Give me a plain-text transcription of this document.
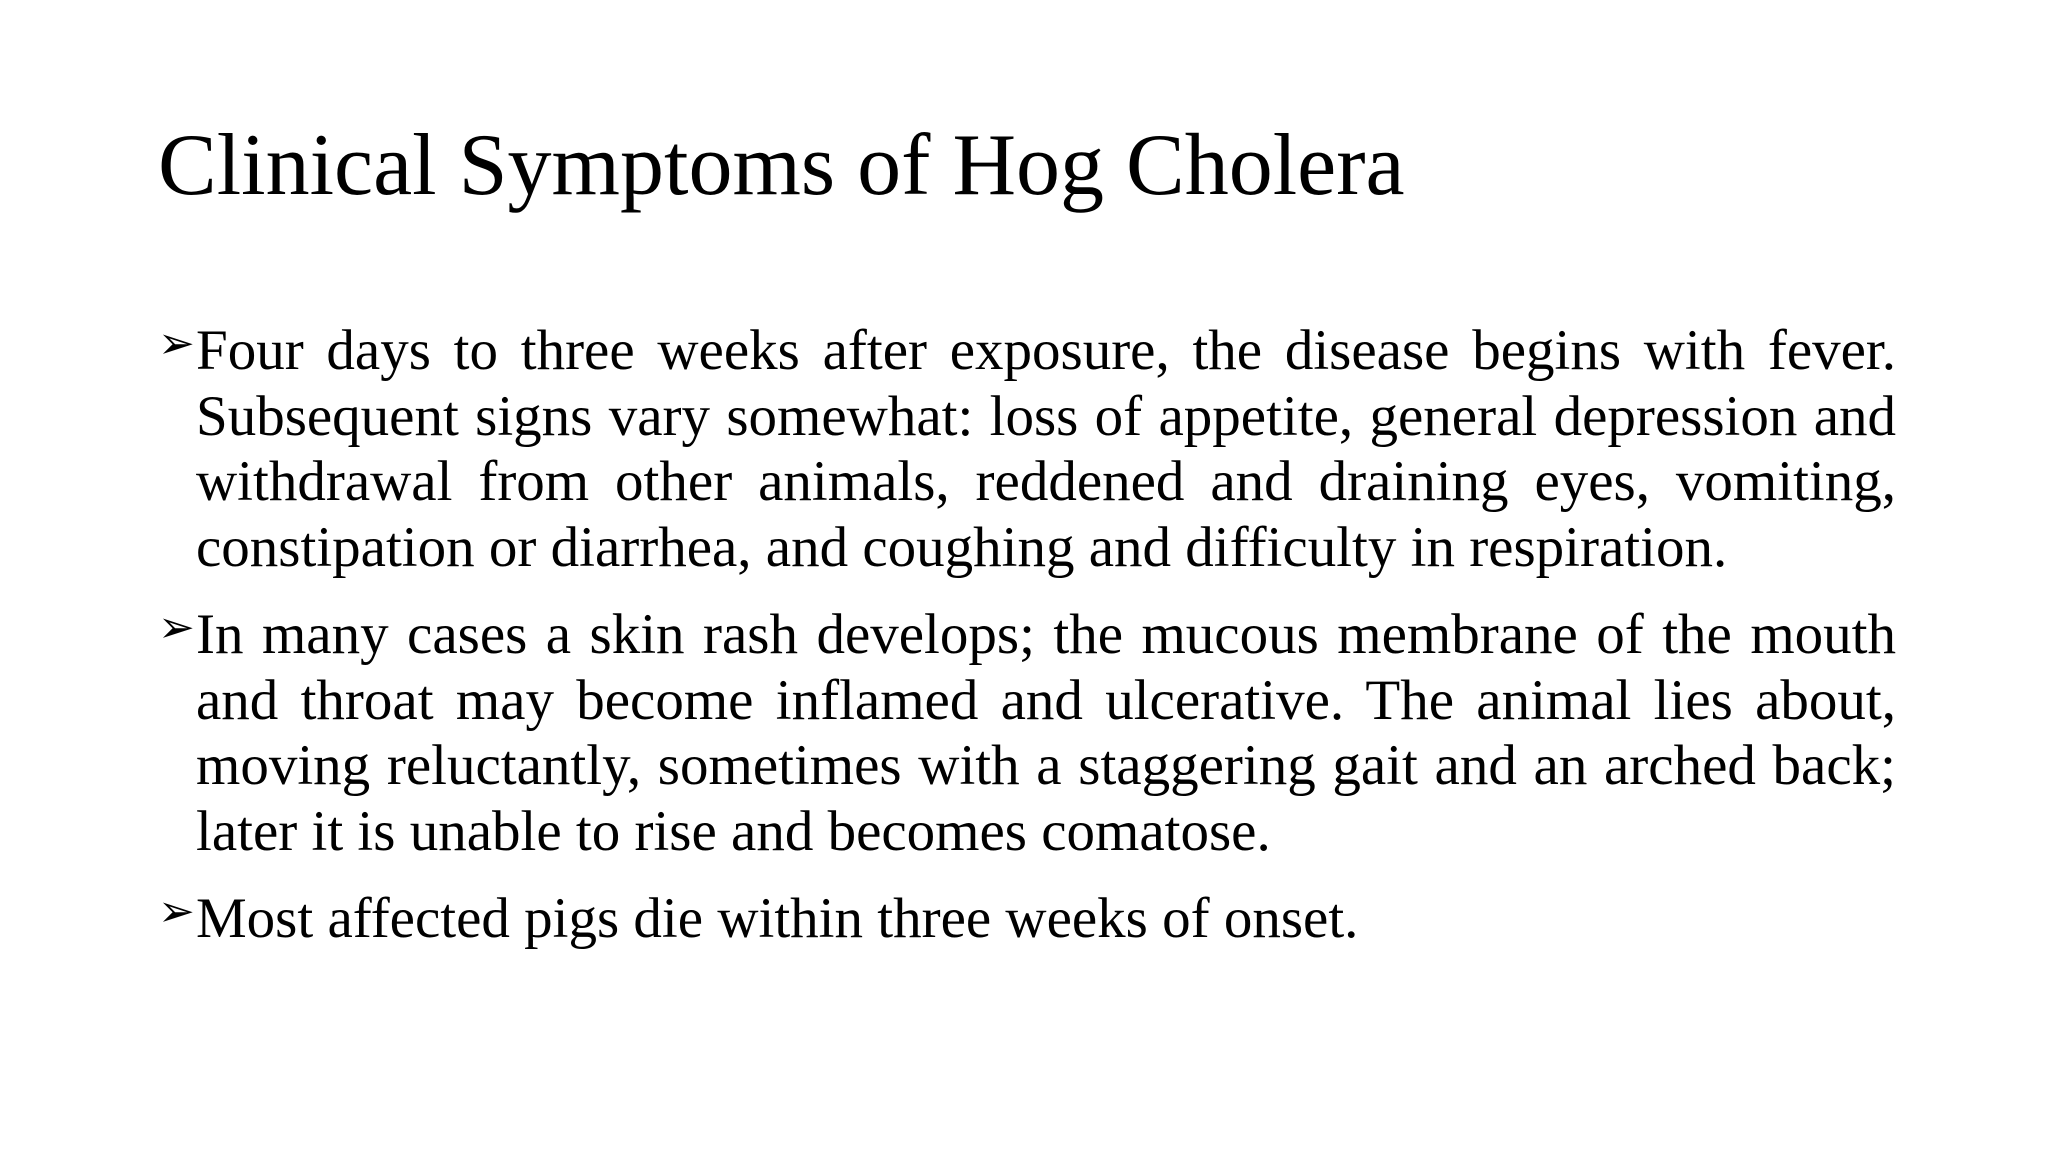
Clinical Symptoms of Hog Cholera
➢ Four days to three weeks after exposure, the disease begins with fever. Subsequent signs vary somewhat: loss of appetite, general depression and withdrawal from other animals, reddened and draining eyes, vomiting, constipation or diarrhea, and coughing and difficulty in respiration.
➢ In many cases a skin rash develops; the mucous membrane of the mouth and throat may become inflamed and ulcerative. The animal lies about, moving reluctantly, sometimes with a staggering gait and an arched back; later it is unable to rise and becomes comatose.
➢ Most affected pigs die within three weeks of onset.
